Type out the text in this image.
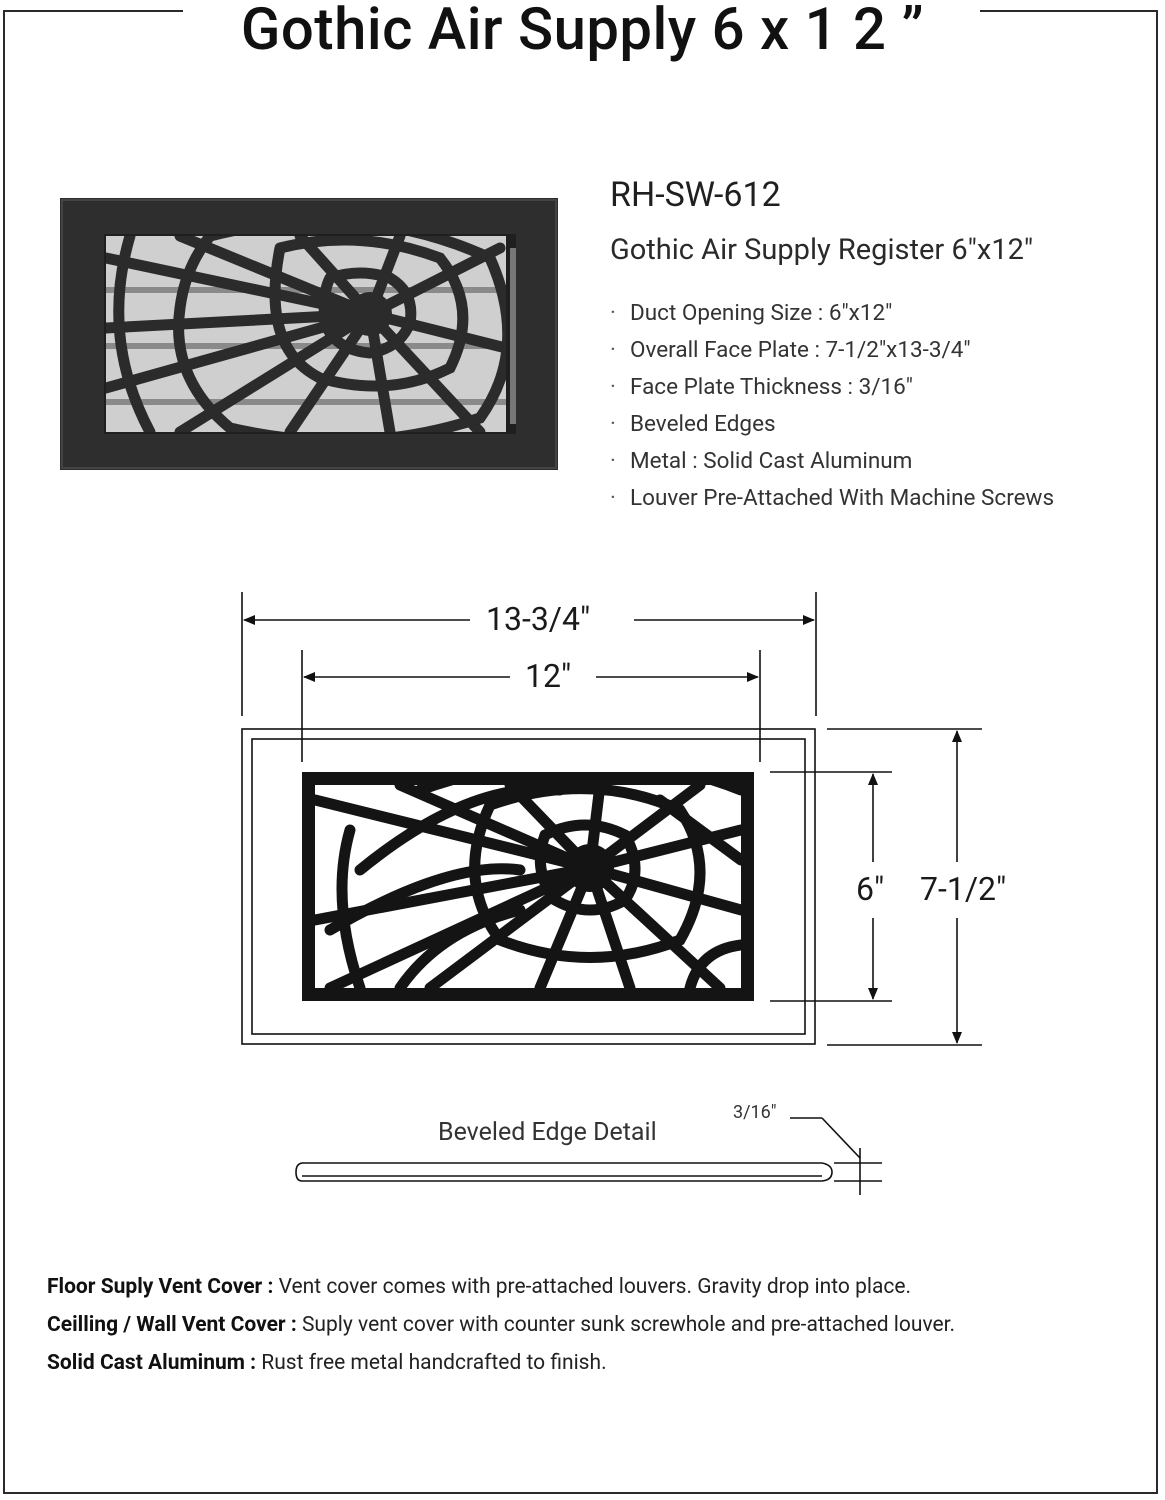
Gothic Air Supply 6 x 1 2 ”
RH-SW-612
Gothic Air Supply Register 6″x12″
· Duct Opening Size : 6″x12″
· Overall Face Plate : 7-1/2″x13-3/4″
· Face Plate Thickness : 3/16″
· Beveled Edges
· Metal : Solid Cast Aluminum
· Louver Pre-Attached With Machine Screws
13-3/4″
12″
6″	7-1/2″
3/16″
Beveled Edge Detail

Floor Suply Vent Cover : Vent cover comes with pre-attached louvers. Gravity drop into place.

Ceilling / Wall Vent Cover : Suply vent cover with counter sunk screwhole and pre-attached louver.

Solid Cast Aluminum : Rust free metal handcrafted to finish.
